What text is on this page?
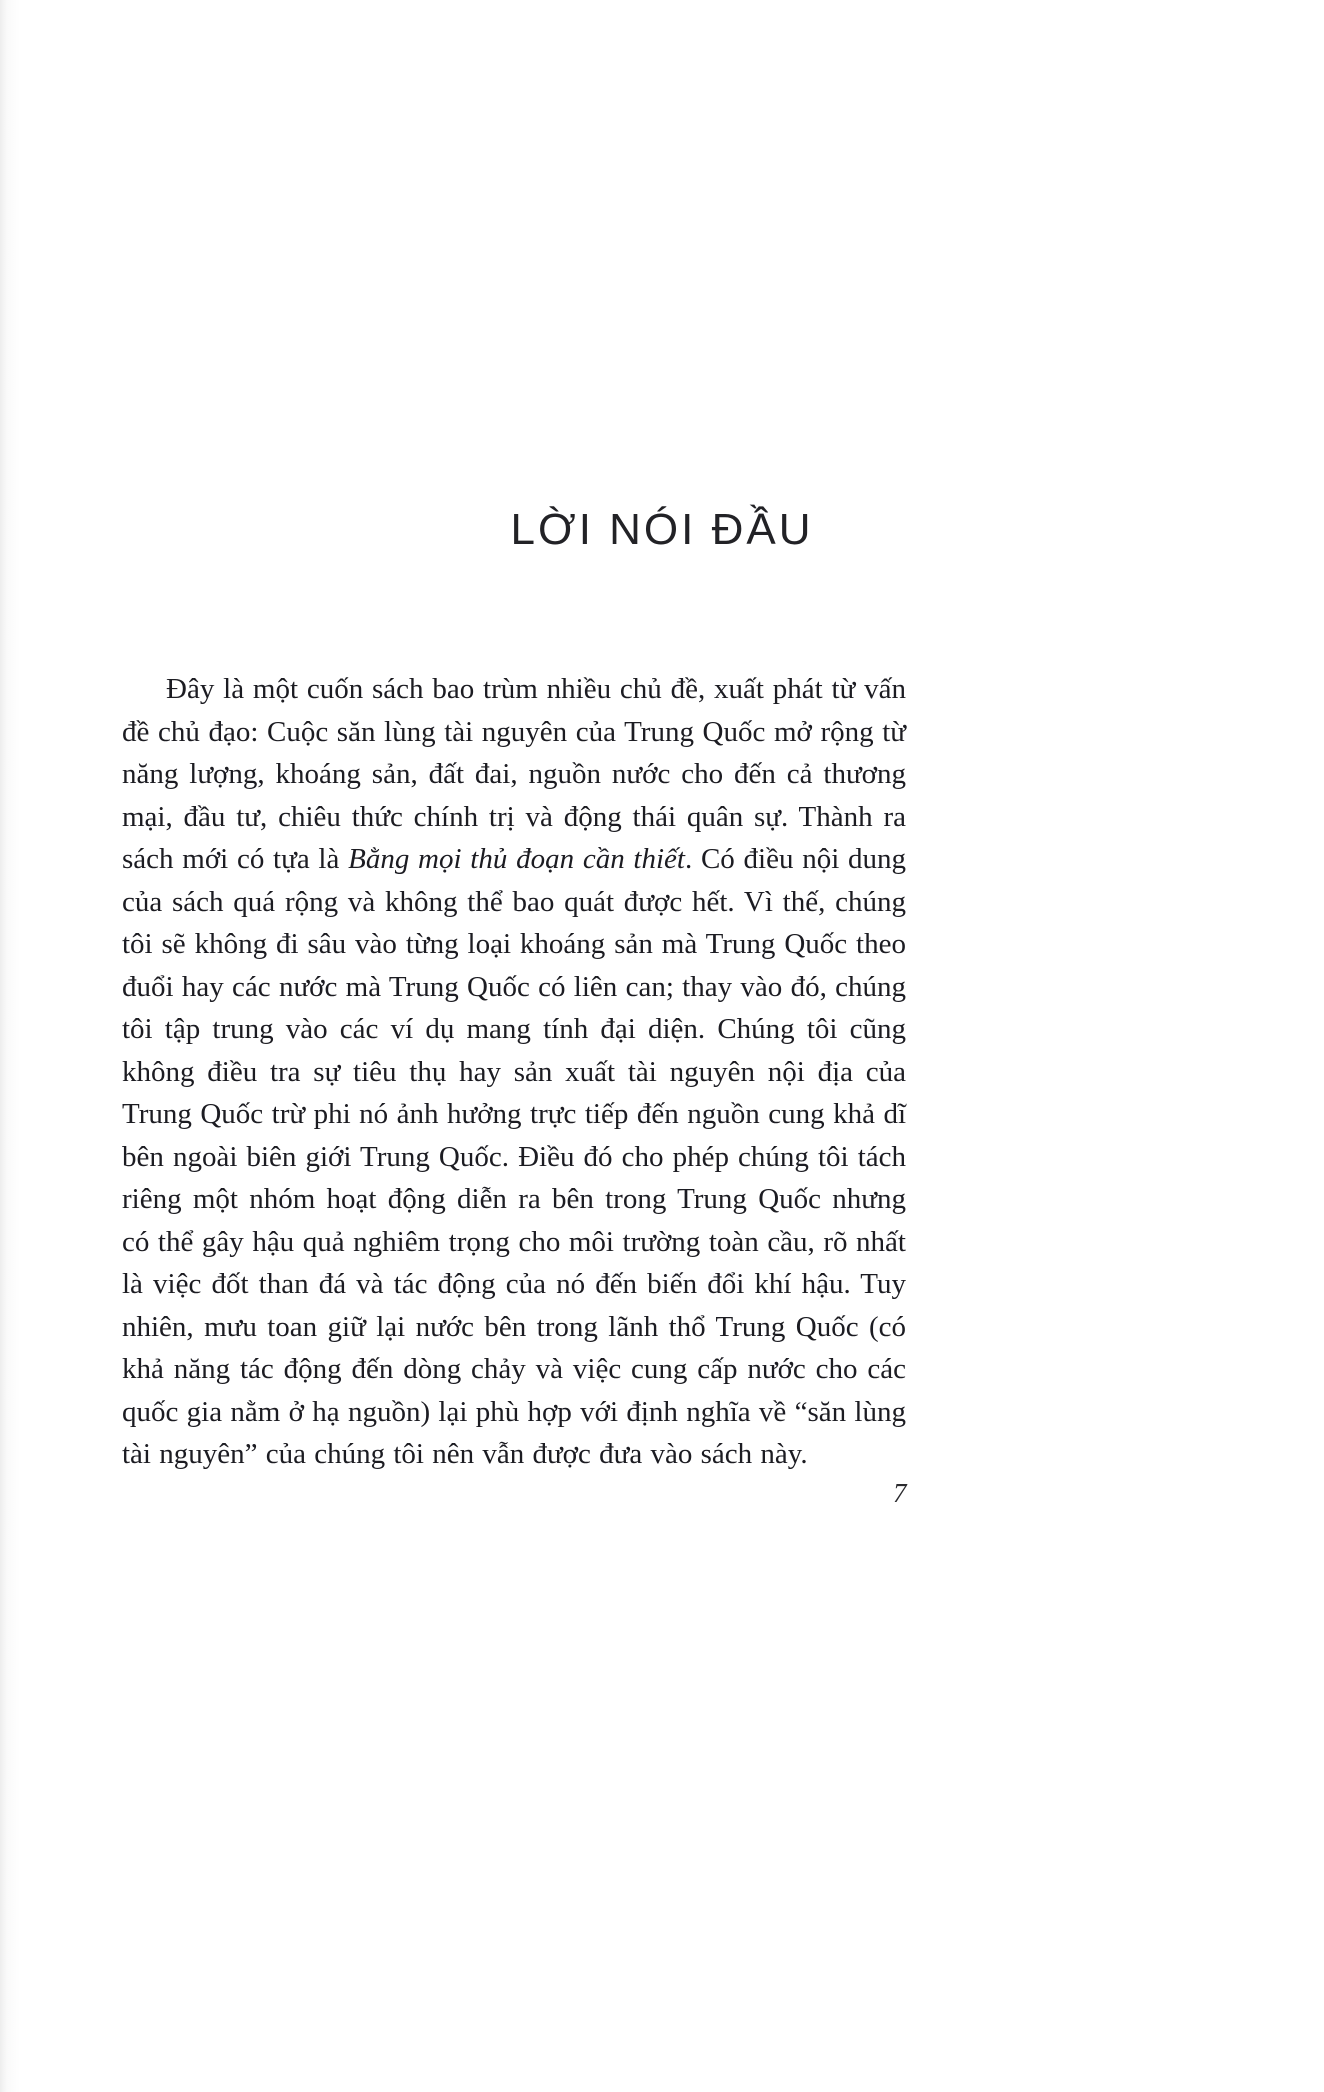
LỜI NÓI ĐẦU

Đây là một cuốn sách bao trùm nhiều chủ đề, xuất phát từ vấn đề chủ đạo: Cuộc săn lùng tài nguyên của Trung Quốc mở rộng từ năng lượng, khoáng sản, đất đai, nguồn nước cho đến cả thương mại, đầu tư, chiêu thức chính trị và động thái quân sự. Thành ra sách mới có tựa là Bằng mọi thủ đoạn cần thiết. Có điều nội dung của sách quá rộng và không thể bao quát được hết. Vì thế, chúng tôi sẽ không đi sâu vào từng loại khoáng sản mà Trung Quốc theo đuổi hay các nước mà Trung Quốc có liên can; thay vào đó, chúng tôi tập trung vào các ví dụ mang tính đại diện. Chúng tôi cũng không điều tra sự tiêu thụ hay sản xuất tài nguyên nội địa của Trung Quốc trừ phi nó ảnh hưởng trực tiếp đến nguồn cung khả dĩ bên ngoài biên giới Trung Quốc. Điều đó cho phép chúng tôi tách riêng một nhóm hoạt động diễn ra bên trong Trung Quốc nhưng có thể gây hậu quả nghiêm trọng cho môi trường toàn cầu, rõ nhất là việc đốt than đá và tác động của nó đến biến đổi khí hậu. Tuy nhiên, mưu toan giữ lại nước bên trong lãnh thổ Trung Quốc (có khả năng tác động đến dòng chảy và việc cung cấp nước cho các quốc gia nằm ở hạ nguồn) lại phù hợp với định nghĩa về “săn lùng tài nguyên” của chúng tôi nên vẫn được đưa vào sách này.

7
